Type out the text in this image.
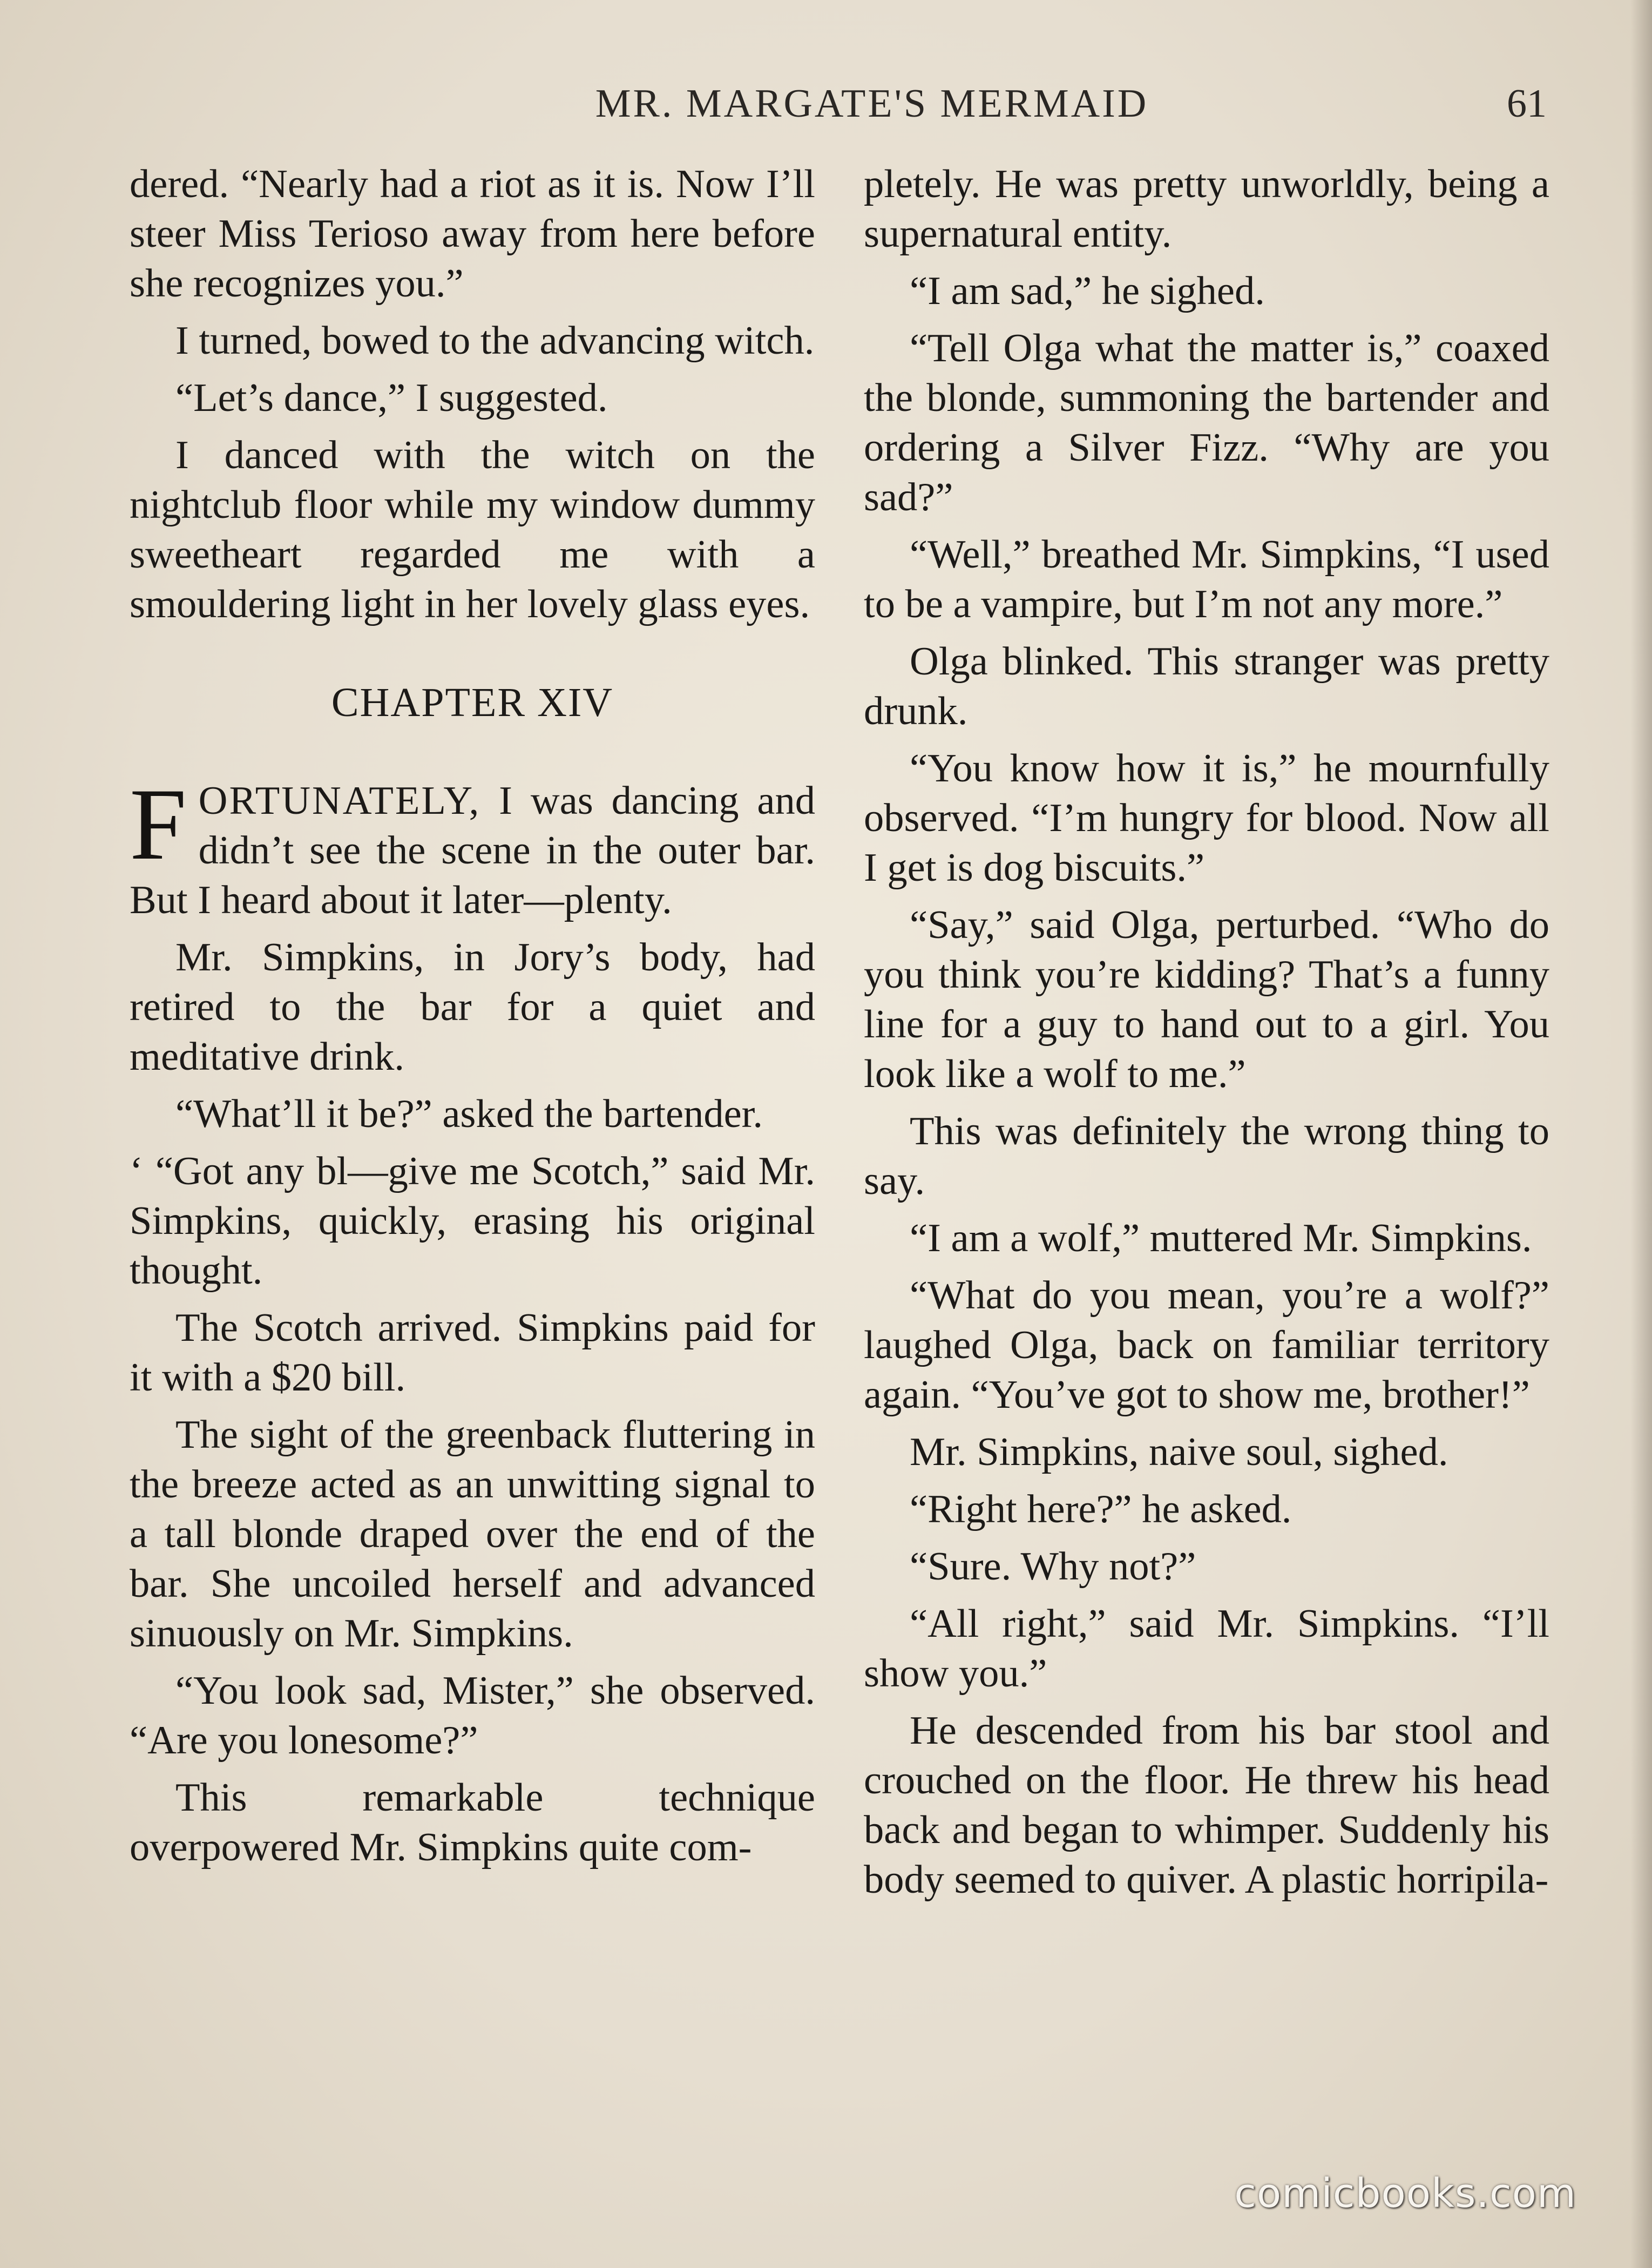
MR. MARGATE'S MERMAID	61

dered. “Nearly had a riot as it is. Now I’ll steer Miss Terioso away from here before she recognizes you.”

I turned, bowed to the advancing witch.

“Let’s dance,” I suggested.

I danced with the witch on the nightclub floor while my window dummy sweetheart regarded me with a smouldering light in her lovely glass eyes.

CHAPTER XIV

FORTUNATELY, I was dancing and didn’t see the scene in the outer bar. But I heard about it later—plenty.

Mr. Simpkins, in Jory’s body, had retired to the bar for a quiet and meditative drink.

“What’ll it be?” asked the bartender.

‘ “Got any bl—give me Scotch,” said Mr. Simpkins, quickly, erasing his original thought.

The Scotch arrived. Simpkins paid for it with a $20 bill.

The sight of the greenback fluttering in the breeze acted as an unwitting signal to a tall blonde draped over the end of the bar. She uncoiled herself and advanced sinuously on Mr. Simpkins.

“You look sad, Mister,” she observed. “Are you lonesome?”

This remarkable technique overpowered Mr. Simpkins quite com-

pletely. He was pretty unworldly, being a supernatural entity.

“I am sad,” he sighed.

“Tell Olga what the matter is,” coaxed the blonde, summoning the bartender and ordering a Silver Fizz. “Why are you sad?”

“Well,” breathed Mr. Simpkins, “I used to be a vampire, but I’m not any more.”

Olga blinked. This stranger was pretty drunk.

“You know how it is,” he mournfully observed. “I’m hungry for blood. Now all I get is dog biscuits.”

“Say,” said Olga, perturbed. “Who do you think you’re kidding? That’s a funny line for a guy to hand out to a girl. You look like a wolf to me.”

This was definitely the wrong thing to say.

“I am a wolf,” muttered Mr. Simpkins.

“What do you mean, you’re a wolf?” laughed Olga, back on familiar territory again. “You’ve got to show me, brother!”

Mr. Simpkins, naive soul, sighed.

“Right here?” he asked.

“Sure. Why not?”

“All right,” said Mr. Simpkins. “I’ll show you.”

He descended from his bar stool and crouched on the floor. He threw his head back and began to whimper. Suddenly his body seemed to quiver. A plastic horripila-

comicbooks.com
